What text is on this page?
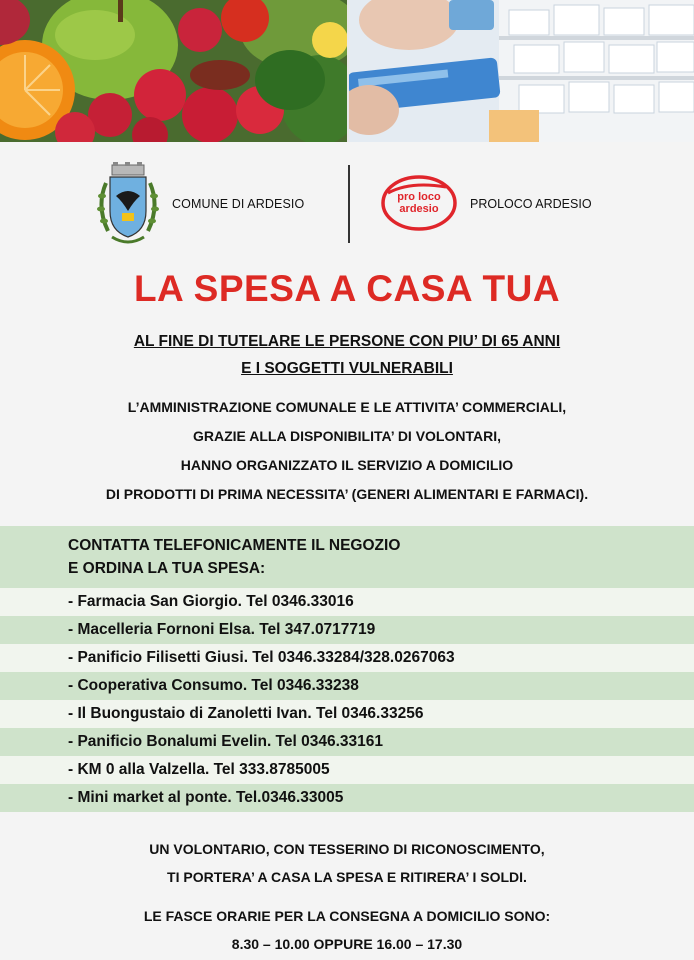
COMUNE DI ARDESIO	pro loco
ardesio	PROLOCO ARDESIO
LA SPESA A CASA TUA
AL FINE DI TUTELARE LE PERSONE CON PIU’ DI 65 ANNI
E I SOGGETTI VULNERABILI
L’AMMINISTRAZIONE COMUNALE E LE ATTIVITA’ COMMERCIALI,
GRAZIE ALLA DISPONIBILITA’ DI VOLONTARI,
HANNO ORGANIZZATO IL SERVIZIO A DOMICILIO
DI PRODOTTI DI PRIMA NECESSITA’ (GENERI ALIMENTARI E FARMACI).
CONTATTA TELEFONICAMENTE IL NEGOZIO
E ORDINA LA TUA SPESA:
- Farmacia San Giorgio. Tel 0346.33016
- Macelleria Fornoni Elsa. Tel 347.0717719
- Panificio Filisetti Giusi. Tel 0346.33284/328.0267063
- Cooperativa Consumo. Tel 0346.33238
- Il Buongustaio di Zanoletti Ivan. Tel 0346.33256
- Panificio Bonalumi Evelin. Tel 0346.33161
- KM 0 alla Valzella. Tel 333.8785005
- Mini market al ponte. Tel.0346.33005
UN VOLONTARIO, CON TESSERINO DI RICONOSCIMENTO,
TI PORTERA’ A CASA LA SPESA E RITIRERA’ I SOLDI.
LE FASCE ORARIE PER LA CONSEGNA A DOMICILIO SONO:
8.30 – 10.00 OPPURE 16.00 – 17.30
